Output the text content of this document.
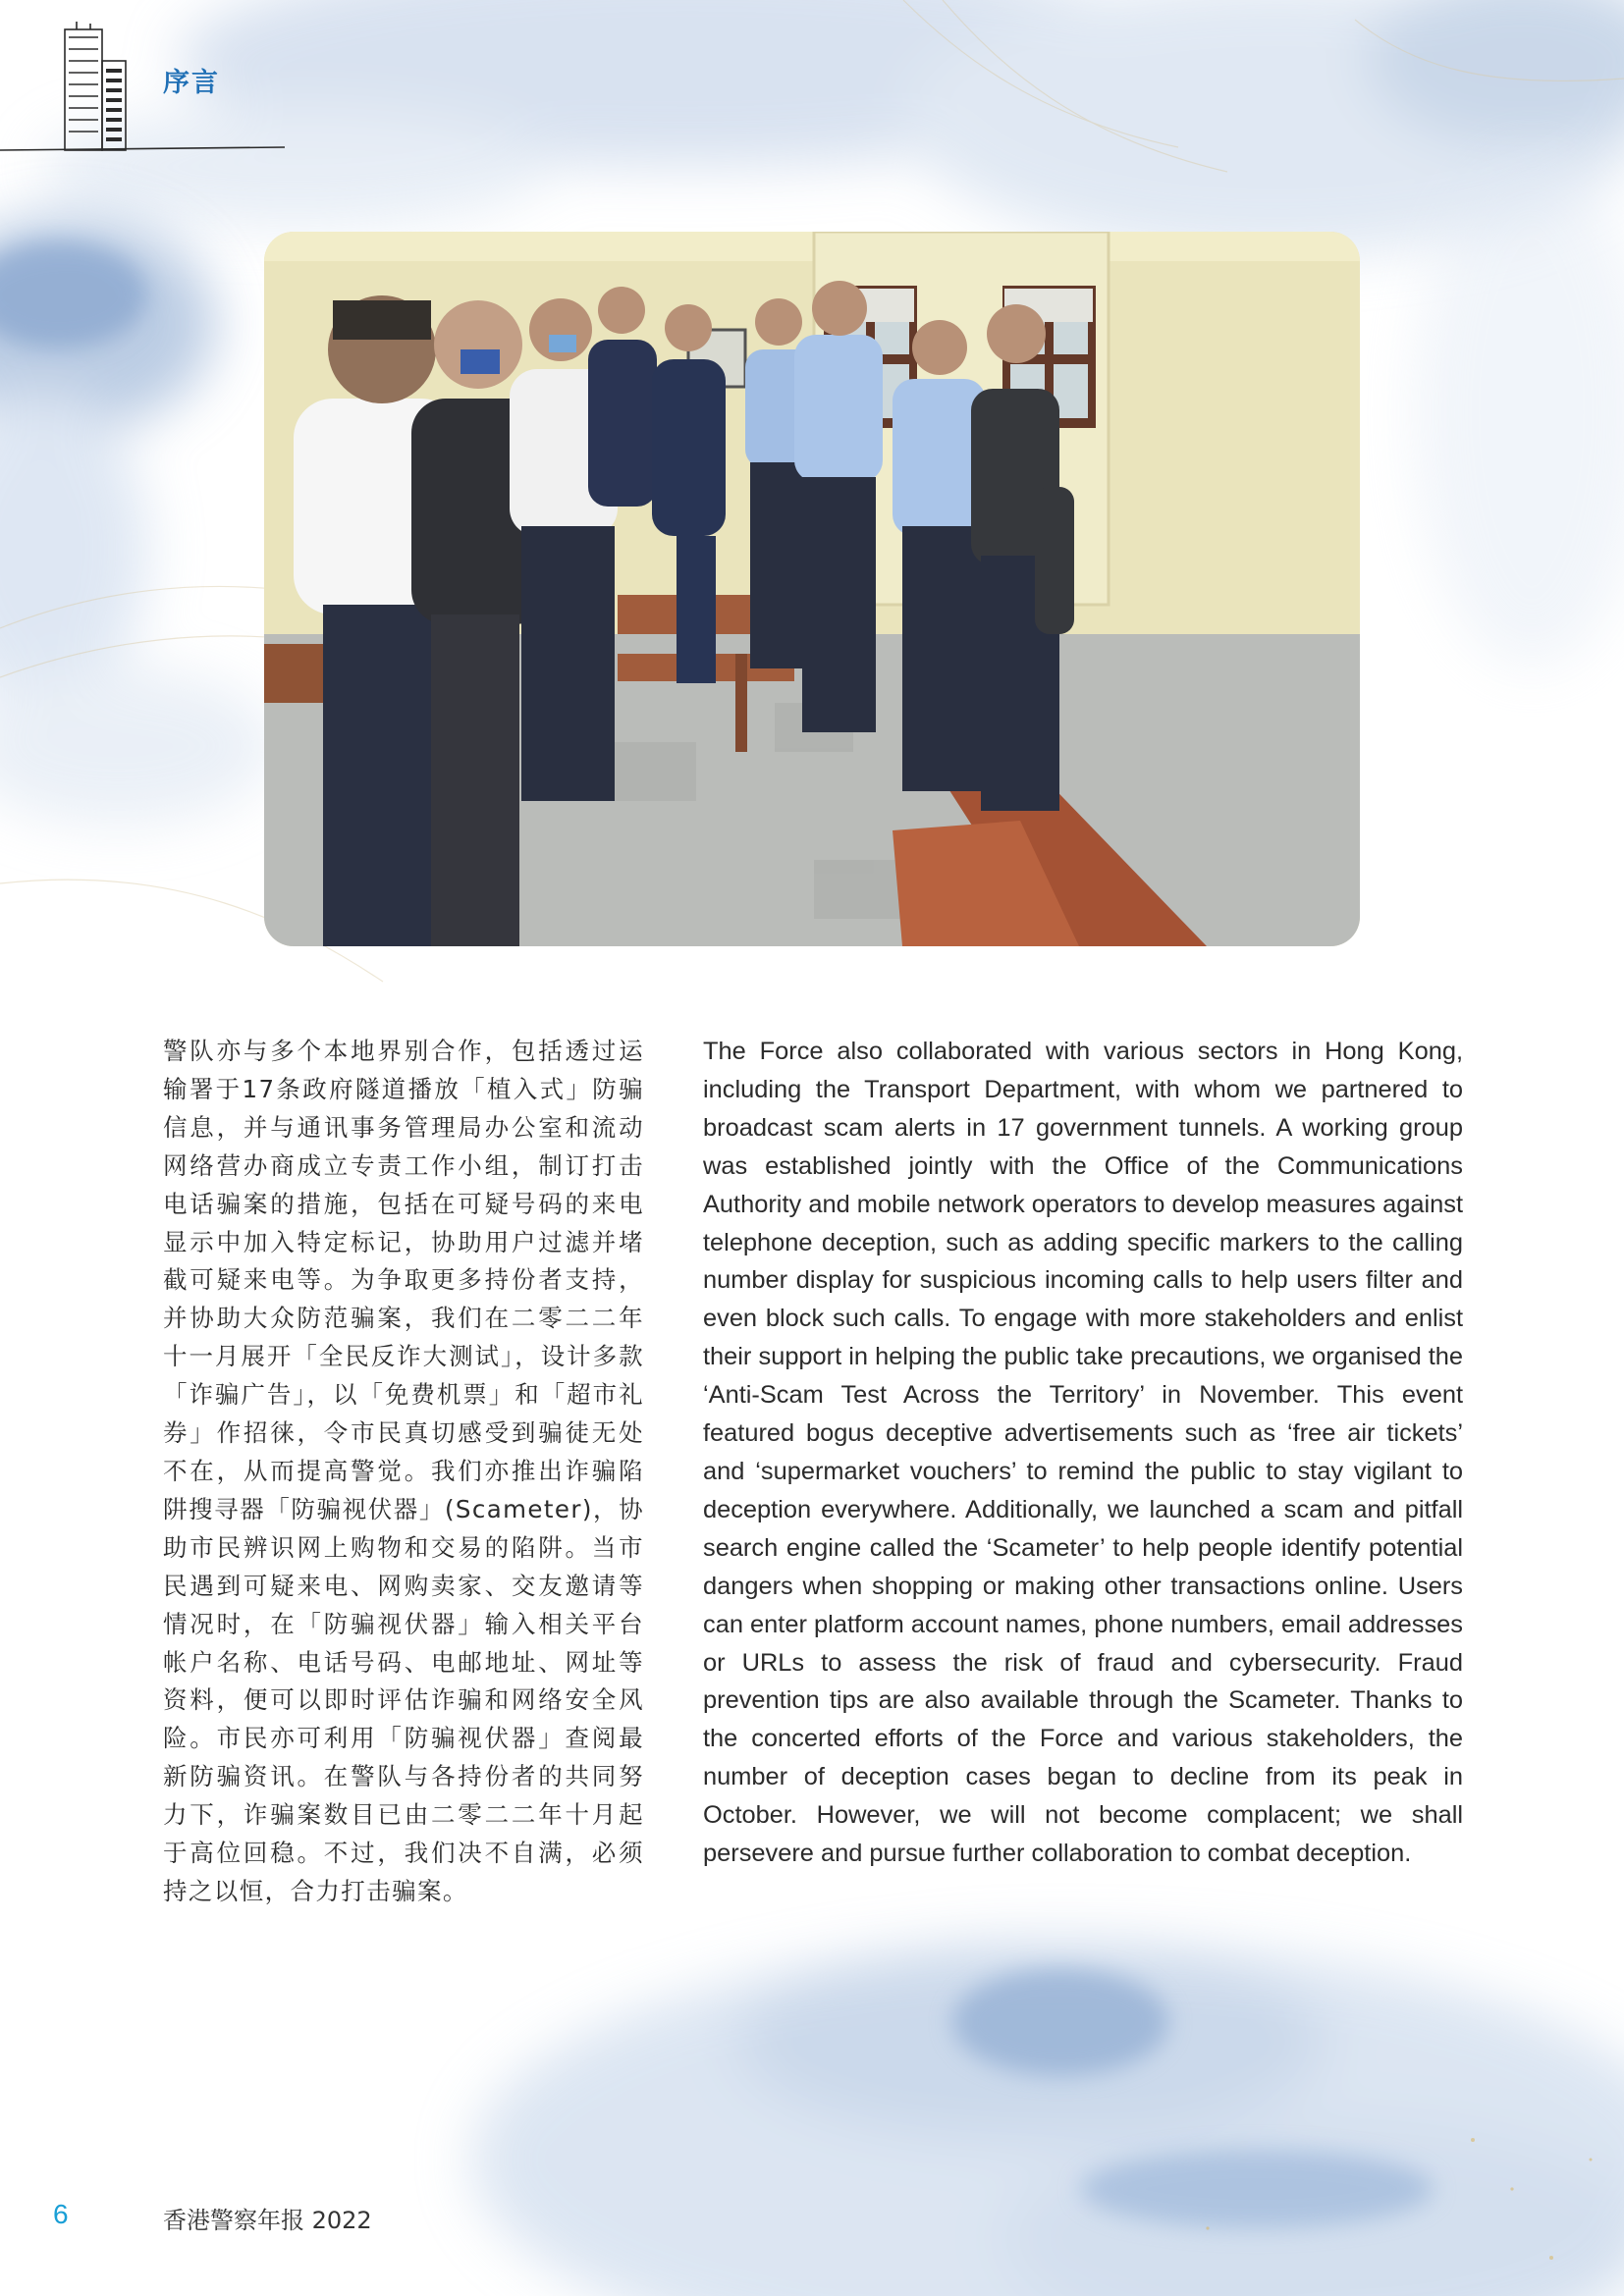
序言

警队亦与多个本地界别合作，包括透过运输署于17条政府隧道播放「植入式」防骗信息，并与通讯事务管理局办公室和流动网络营办商成立专责工作小组，制订打击电话骗案的措施，包括在可疑号码的来电显示中加入特定标记，协助用户过滤并堵截可疑来电等。为争取更多持份者支持，并协助大众防范骗案，我们在二零二二年十一月展开「全民反诈大测试」，设计多款「诈骗广告」，以「免费机票」和「超市礼券」作招徕，令市民真切感受到骗徒无处不在，从而提高警觉。我们亦推出诈骗陷阱搜寻器「防骗视伏器」(Scameter)，协助市民辨识网上购物和交易的陷阱。当市民遇到可疑来电、网购卖家、交友邀请等情况时，在「防骗视伏器」输入相关平台帐户名称、电话号码、电邮地址、网址等资料，便可以即时评估诈骗和网络安全风险。市民亦可利用「防骗视伏器」查阅最新防骗资讯。在警队与各持份者的共同努力下，诈骗案数目已由二零二二年十月起于高位回稳。不过，我们决不自满，必须持之以恒，合力打击骗案。

The Force also collaborated with various sectors in Hong Kong, including the Transport Department, with whom we partnered to broadcast scam alerts in 17 government tunnels. A working group was established jointly with the Office of the Communications Authority and mobile network operators to develop measures against telephone deception, such as adding specific markers to the calling number display for suspicious incoming calls to help users filter and even block such calls. To engage with more stakeholders and enlist their support in helping the public take precautions, we organised the ‘Anti-Scam Test Across the Territory’ in November. This event featured bogus deceptive advertisements such as ‘free air tickets’ and ‘supermarket vouchers’ to remind the public to stay vigilant to deception everywhere. Additionally, we launched a scam and pitfall search engine called the ‘Scameter’ to help people identify potential dangers when shopping or making other transactions online. Users can enter platform account names, phone numbers, email addresses or URLs to assess the risk of fraud and cybersecurity. Fraud prevention tips are also available through the Scameter. Thanks to the concerted efforts of the Force and various stakeholders, the number of deception cases began to decline from its peak in October. However, we will not become complacent; we shall persevere and pursue further collaboration to combat deception.

6	香港警察年报 2022
